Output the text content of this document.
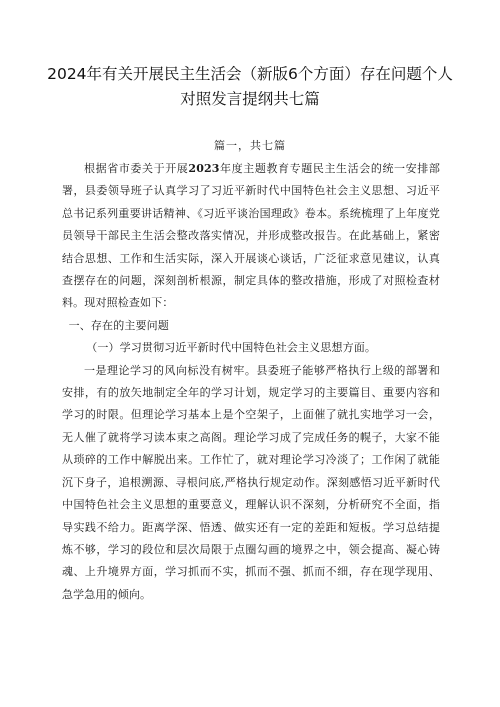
2024年有关开展民主生活会（新版6个方面）存在问题个人对照发言提纲共七篇
篇一，共七篇

根据省市委关于开展2023年度主题教育专题民主生活会的统一安排部署，县委领导班子认真学习了习近平新时代中国特色社会主义思想、习近平总书记系列重要讲话精神、《习近平谈治国理政》卷本。系统梳理了上年度党员领导干部民主生活会整改落实情况，并形成整改报告。在此基础上，紧密结合思想、工作和生活实际，深入开展谈心谈话，广泛征求意见建议，认真查摆存在的问题，深刻剖析根源，制定具体的整改措施，形成了对照检查材料。现对照检查如下：

一、存在的主要问题

（一）学习贯彻习近平新时代中国特色社会主义思想方面。

一是理论学习的风向标没有树牢。县委班子能够严格执行上级的部署和安排，有的放矢地制定全年的学习计划，规定学习的主要篇目、重要内容和学习的时限。但理论学习基本上是个空架子，上面催了就扎实地学习一会，无人催了就将学习读本束之高阁。理论学习成了完成任务的幌子，大家不能从琐碎的工作中解脱出来。工作忙了，就对理论学习冷淡了；工作闲了就能沉下身子，追根溯源、寻根问底,严格执行规定动作。深刻感悟习近平新时代中国特色社会主义思想的重要意义，理解认识不深刻，分析研究不全面，指导实践不给力。距离学深、悟透、做实还有一定的差距和短板。学习总结提炼不够，学习的段位和层次局限于点圈勾画的境界之中，领会提高、凝心铸魂、上升境界方面，学习抓而不实，抓而不强、抓而不细，存在现学现用、急学急用的倾向。
